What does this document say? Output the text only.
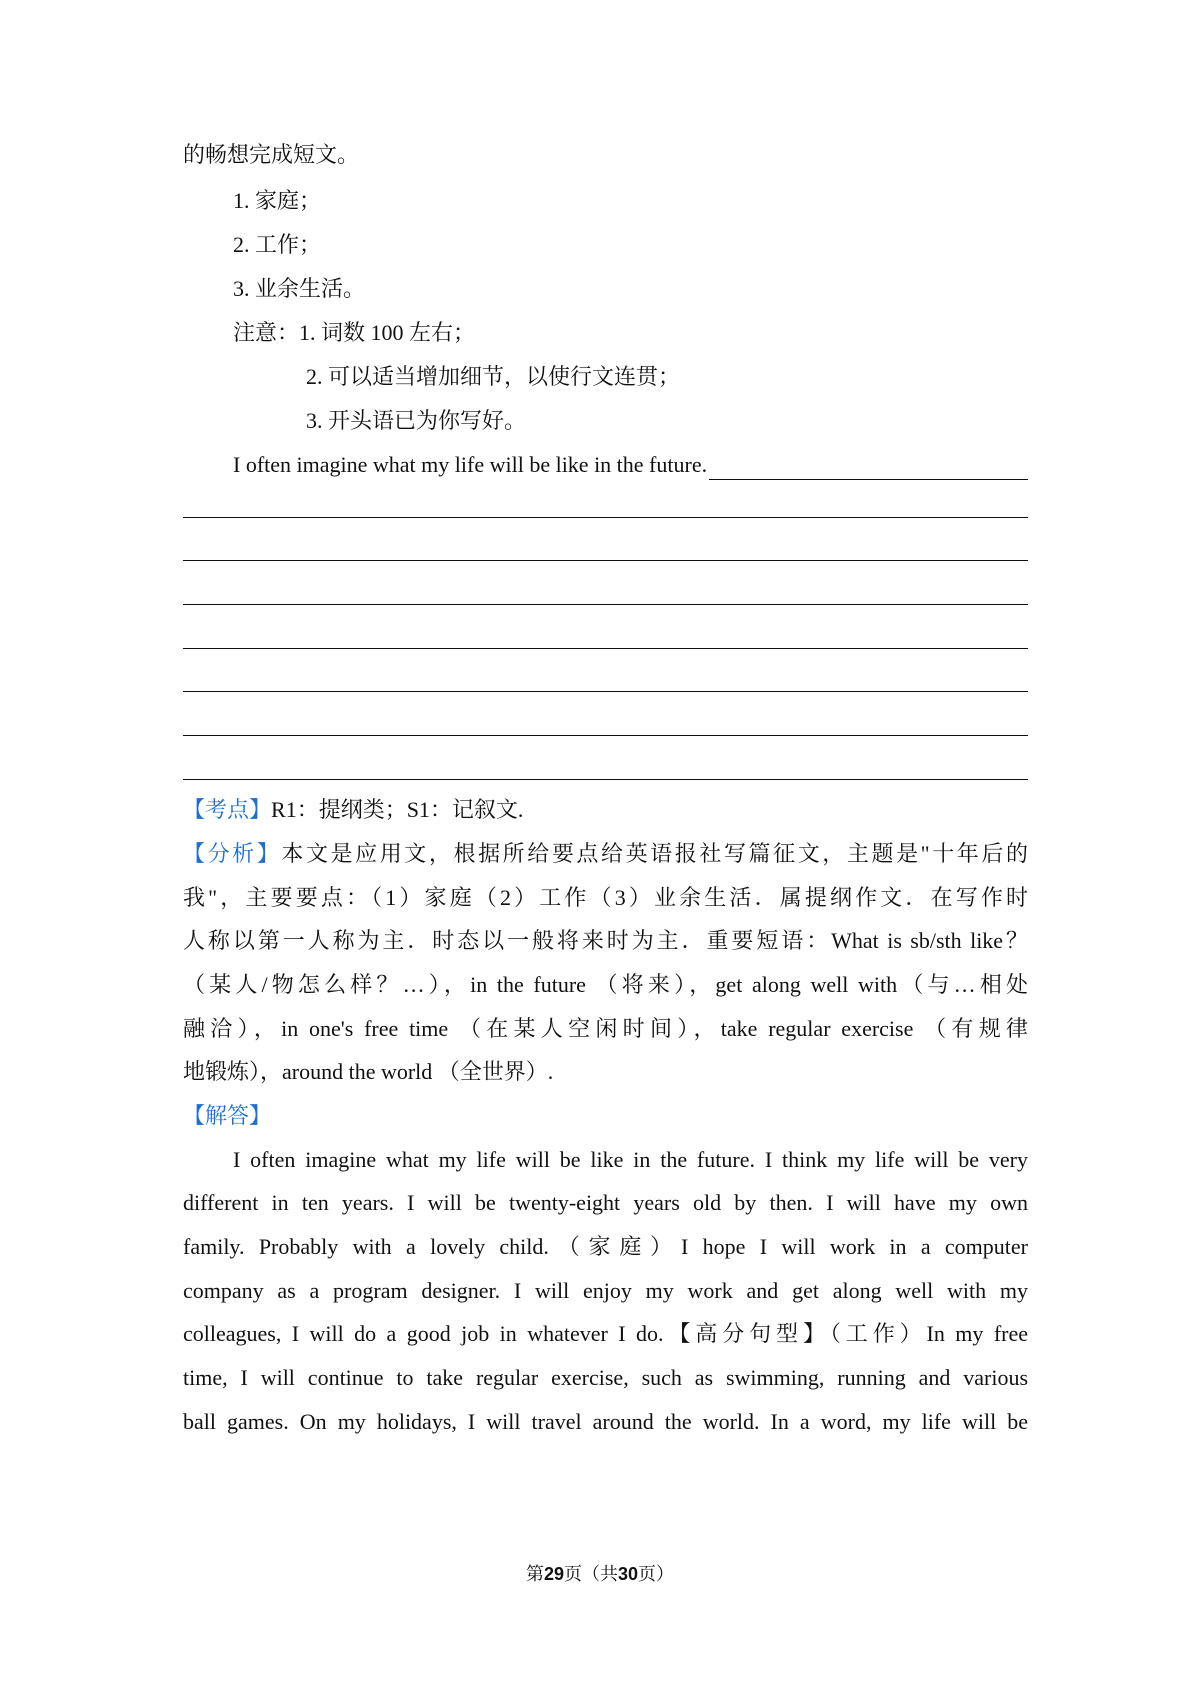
的畅想完成短文。
1. 家庭；
2. 工作；
3. 业余生活。
注意：1. 词数 100 左右；
2. 可以适当增加细节，以使行文连贯；
3. 开头语已为你写好。
I often imagine what my life will be like in the future.
【考点】R1：提纲类；S1：记叙文.
【分析】本文是应用文，根据所给要点给英语报社写篇征文，主题是"十年后的
我"，主要要点：（1）家庭（2）工作（3）业余生活．属提纲作文．在写作时
人称以第一人称为主．时态以一般将来时为主．重要短语：What is sb/sth like？
（某人/物怎么样？…），in the future （将来），get along well with（与…相处
融洽），in one's free time （在某人空闲时间），take regular exercise （有规律
地锻炼），around the world （全世界）.
【解答】
I often imagine what my life will be like in the future. I think my life will be very
different in ten years. I will be twenty-eight years old by then. I will have my own
family. Probably with a lovely child.（家庭）I hope I will work in a computer
company as a program designer. I will enjoy my work and get along well with my
colleagues, I will do a good job in whatever I do.【高分句型】（工作）In my free
time, I will continue to take regular exercise, such as swimming, running and various
ball games. On my holidays, I will travel around the world. In a word, my life will be
第29页（共30页）
